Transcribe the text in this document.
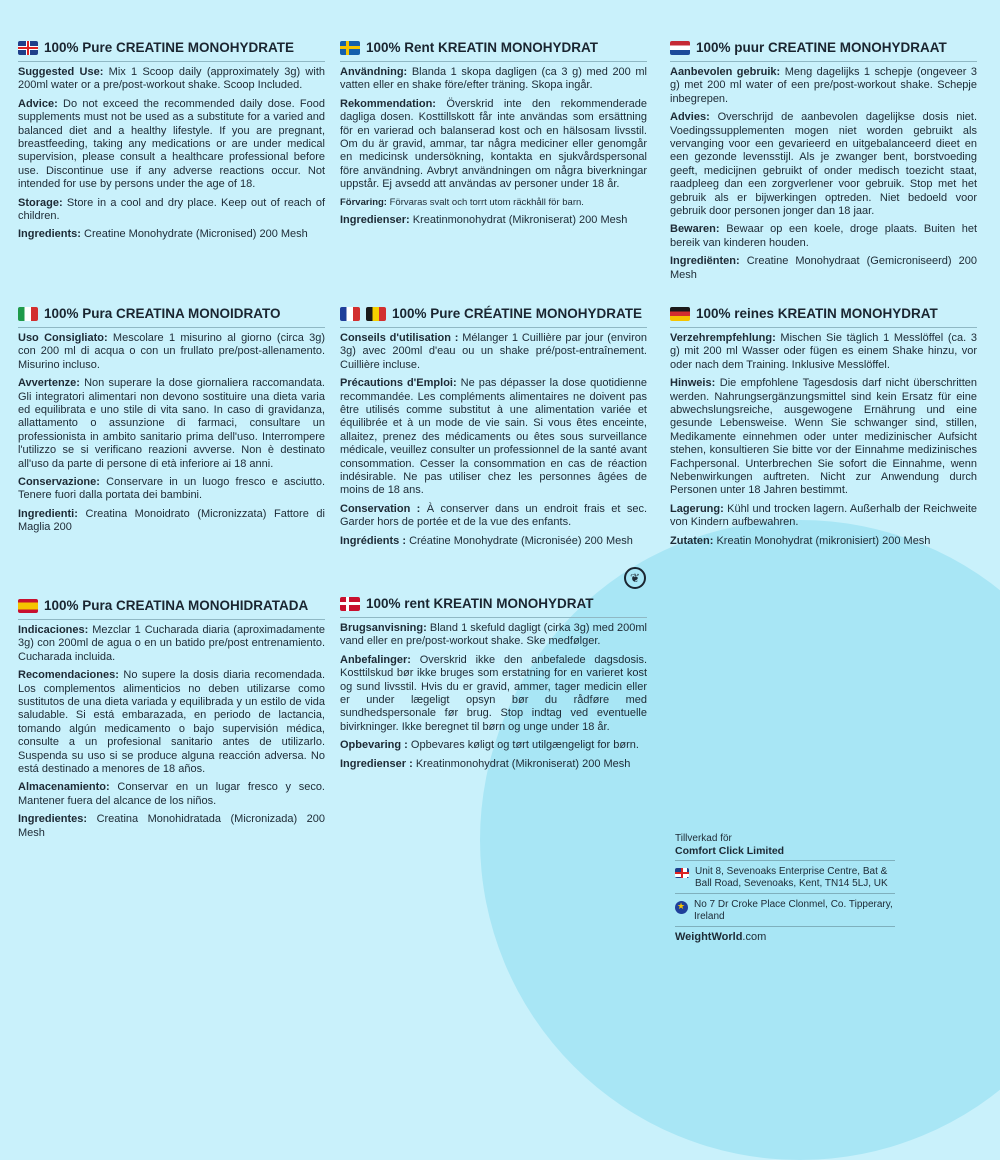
100% Pure CREATINE MONOHYDRATE

Suggested Use: Mix 1 Scoop daily (approximately 3g) with 200ml water or a pre/post-workout shake. Scoop Included.

Advice: Do not exceed the recommended daily dose. Food supplements must not be used as a substitute for a varied and balanced diet and a healthy lifestyle. If you are pregnant, breastfeeding, taking any medications or are under medical supervision, please consult a healthcare professional before use. Discontinue use if any adverse reactions occur. Not intended for use by persons under the age of 18.

Storage: Store in a cool and dry place. Keep out of reach of children.

Ingredients: Creatine Monohydrate (Micronised) 200 Mesh

100% Rent KREATIN MONOHYDRAT

Användning: Blanda 1 skopa dagligen (ca 3 g) med 200 ml vatten eller en shake före/efter träning. Skopa ingår.

Rekommendation: Överskrid inte den rekommenderade dagliga dosen. Kosttillskott får inte användas som ersättning för en varierad och balanserad kost och en hälsosam livsstil. Om du är gravid, ammar, tar några mediciner eller genomgår en medicinsk undersökning, kontakta en sjukvårdspersonal före användning. Avbryt användningen om några biverkningar uppstår. Ej avsedd att användas av personer under 18 år.

Förvaring: Förvaras svalt och torrt utom räckhåll för barn.

Ingredienser: Kreatinmonohydrat (Mikroniserat) 200 Mesh

100% puur CREATINE MONOHYDRAAT

Aanbevolen gebruik: Meng dagelijks 1 schepje (ongeveer 3 g) met 200 ml water of een pre/post-workout shake. Schepje inbegrepen.

Advies: Overschrijd de aanbevolen dagelijkse dosis niet. Voedingssupplementen mogen niet worden gebruikt als vervanging voor een gevarieerd en uitgebalanceerd dieet en een gezonde levensstijl. Als je zwanger bent, borstvoeding geeft, medicijnen gebruikt of onder medisch toezicht staat, raadpleeg dan een zorgverlener voor gebruik. Stop met het gebruik als er bijwerkingen optreden. Niet bedoeld voor gebruik door personen jonger dan 18 jaar.

Bewaren: Bewaar op een koele, droge plaats. Buiten het bereik van kinderen houden.

Ingrediënten: Creatine Monohydraat (Gemicroniseerd) 200 Mesh

100% Pura CREATINA MONOIDRATO

Uso Consigliato: Mescolare 1 misurino al giorno (circa 3g) con 200 ml di acqua o con un frullato pre/post-allenamento. Misurino incluso.

Avvertenze: Non superare la dose giornaliera raccomandata. Gli integratori alimentari non devono sostituire una dieta varia ed equilibrata e uno stile di vita sano. In caso di gravidanza, allattamento o assunzione di farmaci, consultare un professionista in ambito sanitario prima dell'uso. Interrompere l'utilizzo se si verificano reazioni avverse. Non è destinato all'uso da parte di persone di età inferiore ai 18 anni.

Conservazione: Conservare in un luogo fresco e asciutto. Tenere fuori dalla portata dei bambini.

Ingredienti: Creatina Monoidrato (Micronizzata) Fattore di Maglia 200

100% Pure CRÉATINE MONOHYDRATE

Conseils d'utilisation : Mélanger 1 Cuillière par jour (environ 3g) avec 200ml d'eau ou un shake pré/post-entraînement. Cuillière incluse.

Précautions d'Emploi: Ne pas dépasser la dose quotidienne recommandée. Les compléments alimentaires ne doivent pas être utilisés comme substitut à une alimentation variée et équilibrée et à un mode de vie sain. Si vous êtes enceinte, allaitez, prenez des médicaments ou êtes sous surveillance médicale, veuillez consulter un professionnel de la santé avant consommation. Cesser la consommation en cas de réaction indésirable. Ne pas utiliser chez les personnes âgées de moins de 18 ans.

Conservation : À conserver dans un endroit frais et sec. Garder hors de portée et de la vue des enfants.

Ingrédients : Créatine Monohydrate (Micronisée) 200 Mesh

100% reines KREATIN MONOHYDRAT

Verzehrempfehlung: Mischen Sie täglich 1 Messlöffel (ca. 3 g) mit 200 ml Wasser oder fügen es einem Shake hinzu, vor oder nach dem Training. Inklusive Messlöffel.

Hinweis: Die empfohlene Tagesdosis darf nicht überschritten werden. Nahrungsergänzungsmittel sind kein Ersatz für eine abwechslungsreiche, ausgewogene Ernährung und eine gesunde Lebensweise. Wenn Sie schwanger sind, stillen, Medikamente einnehmen oder unter medizinischer Aufsicht stehen, konsultieren Sie bitte vor der Einnahme medizinisches Fachpersonal. Unterbrechen Sie sofort die Einnahme, wenn Nebenwirkungen auftreten. Nicht zur Anwendung durch Personen unter 18 Jahren bestimmt.

Lagerung: Kühl und trocken lagern. Außerhalb der Reichweite von Kindern aufbewahren.

Zutaten: Kreatin Monohydrat (mikronisiert) 200 Mesh

100% Pura CREATINA MONOHIDRATADA

Indicaciones: Mezclar 1 Cucharada diaria (aproximadamente 3g) con 200ml de agua o en un batido pre/post entrenamiento. Cucharada incluida.

Recomendaciones: No supere la dosis diaria recomendada. Los complementos alimenticios no deben utilizarse como sustitutos de una dieta variada y equilibrada y un estilo de vida saludable. Si está embarazada, en periodo de lactancia, tomando algún medicamento o bajo supervisión médica, consulte a un profesional sanitario antes de utilizarlo. Suspenda su uso si se produce alguna reacción adversa. No está destinado a menores de 18 años.

Almacenamiento: Conservar en un lugar fresco y seco. Mantener fuera del alcance de los niños.

Ingredientes: Creatina Monohidratada (Micronizada) 200 Mesh

100% rent KREATIN MONOHYDRAT

Brugsanvisning: Bland 1 skefuld dagligt (cirka 3g) med 200ml vand eller en pre/post-workout shake. Ske medfølger.

Anbefalinger: Overskrid ikke den anbefalede dagsdosis. Kosttilskud bør ikke bruges som erstatning for en varieret kost og sund livsstil. Hvis du er gravid, ammer, tager medicin eller er under lægeligt opsyn bør du rådføre med sundhedspersonale før brug. Stop indtag ved eventuelle bivirkninger. Ikke beregnet til børn og unge under 18 år.

Opbevaring : Opbevares køligt og tørt utilgængeligt for børn.

Ingredienser : Kreatinmonohydrat (Mikroniserat) 200 Mesh

❦
Tillverkad för
Comfort Click Limited
Unit 8, Sevenoaks Enterprise Centre, Bat & Ball Road, Sevenoaks, Kent, TN14 5LJ, UK
★
No 7 Dr Croke Place Clonmel, Co. Tipperary, Ireland
WeightWorld.com
